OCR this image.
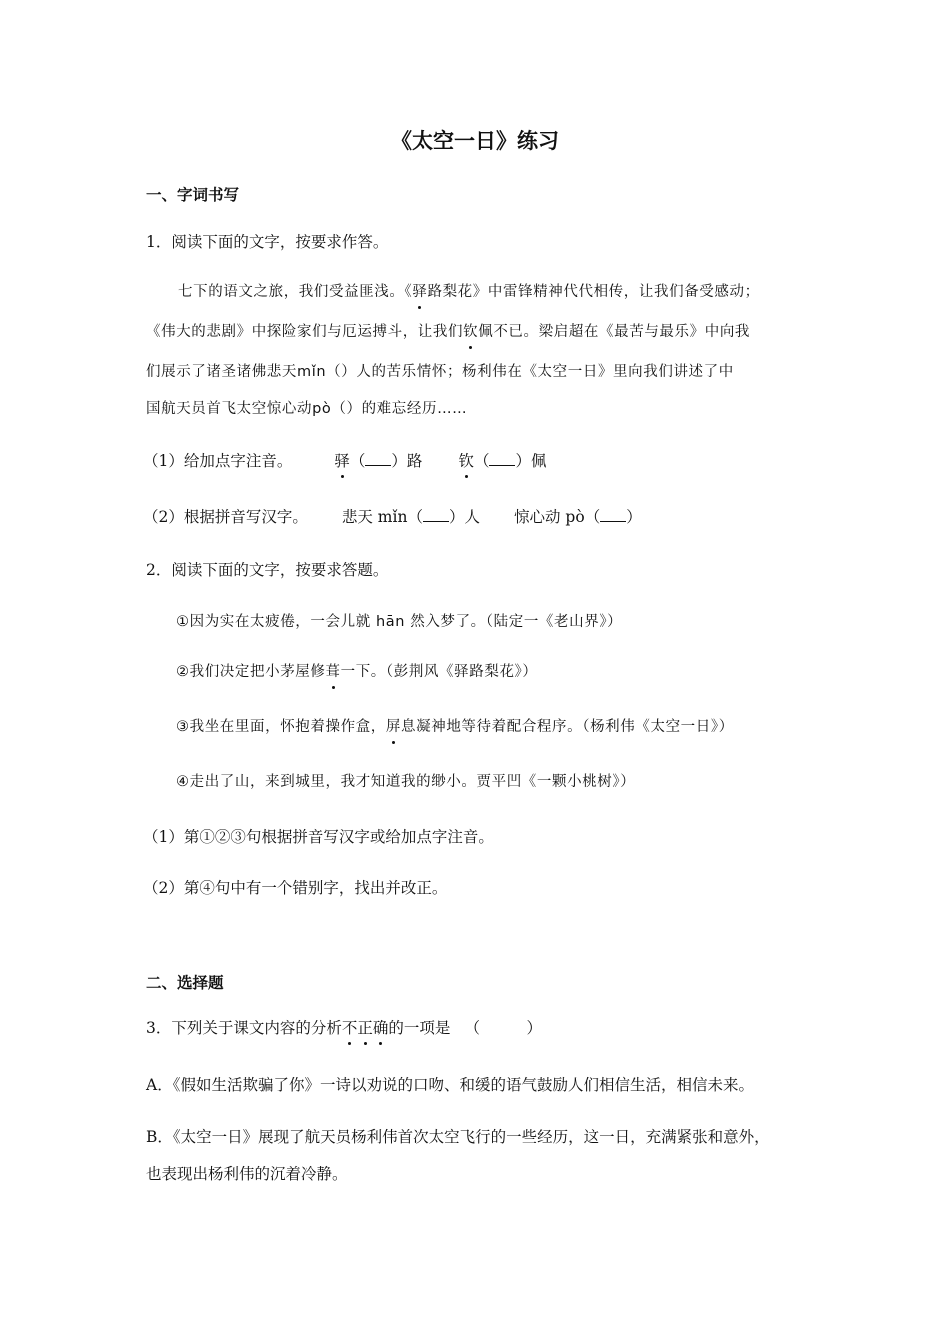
《太空一日》练习
一、字词书写
1．阅读下面的文字，按要求作答。
七下的语文之旅，我们受益匪浅。《驿路梨花》中雷锋精神代代相传，让我们备受感动；
《伟大的悲剧》中探险家们与厄运搏斗，让我们钦佩不已。梁启超在《最苦与最乐》中向我
们展示了诸圣诸佛悲天mǐn（）人的苦乐情怀；杨利伟在《太空一日》里向我们讲述了中
国航天员首飞太空惊心动pò（）的难忘经历……
（1）给加点字注音。	驿（ ）路 钦（ ）佩
（2）根据拼音写汉字。 悲天 mǐn（ ）人 惊心动 pò（ ）
2．阅读下面的文字，按要求答题。
①因为实在太疲倦，一会儿就 hān 然入梦了。（陆定一《老山界》）
②我们决定把小茅屋修葺一下。（彭荆风《驿路梨花》）
③我坐在里面，怀抱着操作盒，屏息凝神地等待着配合程序。（杨利伟《太空一日》）
④走出了山，来到城里，我才知道我的缈小。贾平凹《一颗小桃树》）
（1）第①②③句根据拼音写汉字或给加点字注音。
（2）第④句中有一个错别字，找出并改正。
二、选择题
3．下列关于课文内容的分析不正确的一项是 （　　　）
A．《假如生活欺骗了你》一诗以劝说的口吻、和缓的语气鼓励人们相信生活，相信未来。
B．《太空一日》展现了航天员杨利伟首次太空飞行的一些经历，这一日，充满紧张和意外，
也表现出杨利伟的沉着冷静。
